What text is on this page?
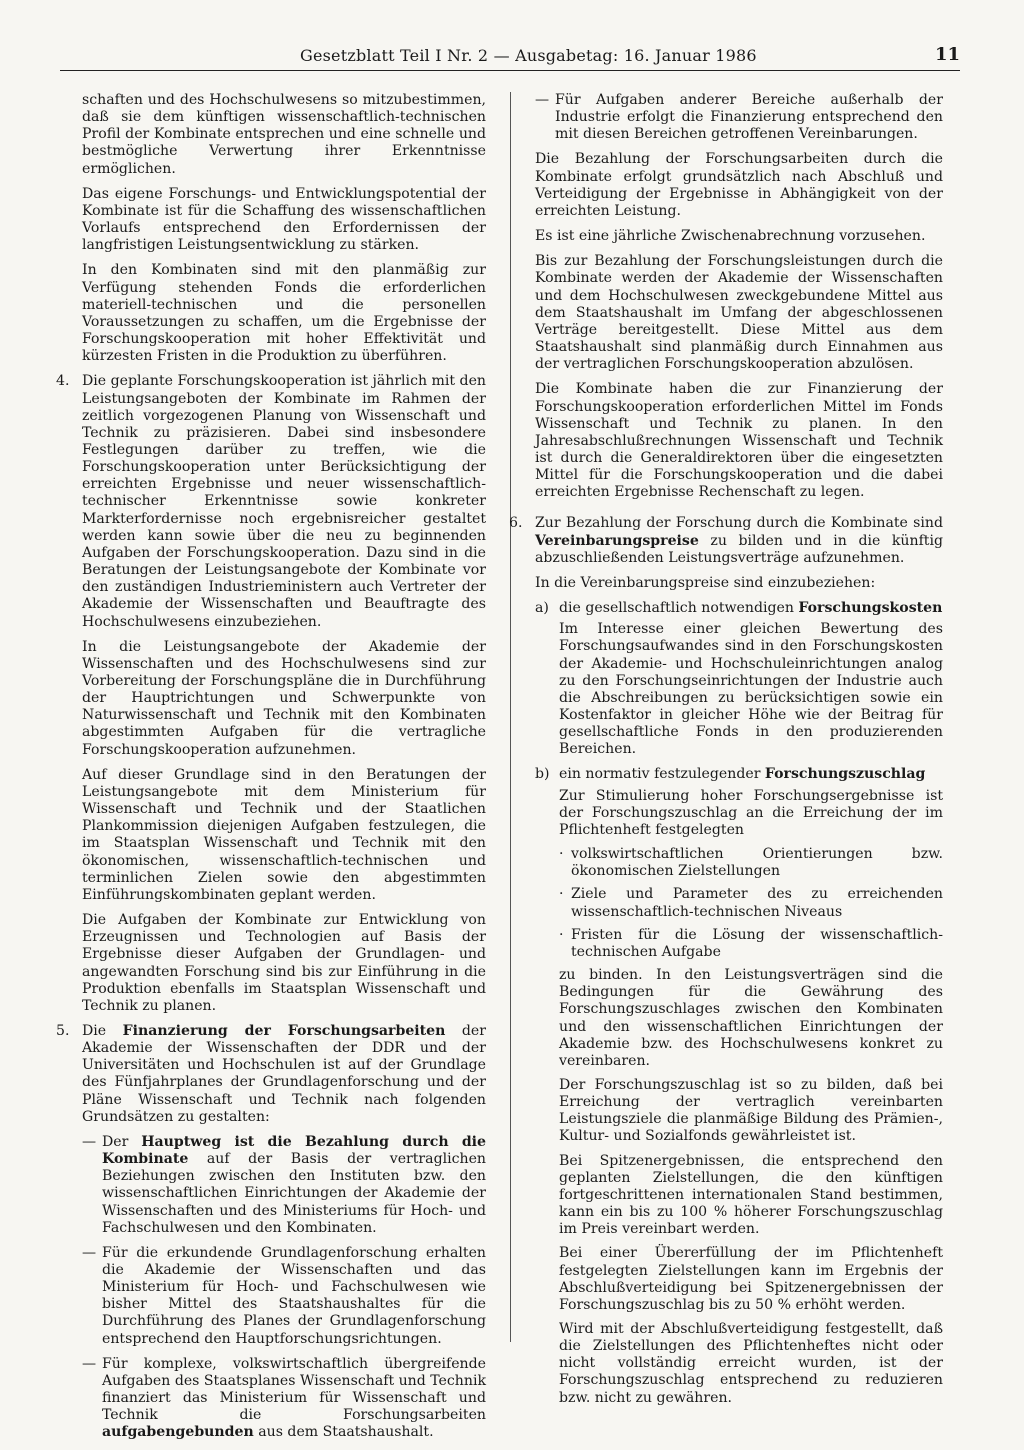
Gesetzblatt Teil I Nr. 2 — Ausgabetag: 16. Januar 1986	11

schaften und des Hochschulwesens so mitzubestimmen, daß sie dem künftigen wissenschaftlich-technischen Profil der Kombinate entsprechen und eine schnelle und bestmögliche Verwertung ihrer Erkenntnisse ermöglichen.

Das eigene Forschungs- und Entwicklungspotential der Kombinate ist für die Schaffung des wissenschaftlichen Vorlaufs entsprechend den Erfordernissen der langfristigen Leistungsentwicklung zu stärken.

In den Kombinaten sind mit den planmäßig zur Verfügung stehenden Fonds die erforderlichen materiell-technischen und die personellen Voraussetzungen zu schaffen, um die Ergebnisse der Forschungskooperation mit hoher Effektivität und kürzesten Fristen in die Produktion zu überführen.

4. Die geplante Forschungskooperation ist jährlich mit den Leistungsangeboten der Kombinate im Rahmen der zeitlich vorgezogenen Planung von Wissenschaft und Technik zu präzisieren. Dabei sind insbesondere Festlegungen darüber zu treffen, wie die Forschungskooperation unter Berücksichtigung der erreichten Ergebnisse und neuer wissenschaftlich-technischer Erkenntnisse sowie konkreter Markterfordernisse noch ergebnisreicher gestaltet werden kann sowie über die neu zu beginnenden Aufgaben der Forschungskooperation. Dazu sind in die Beratungen der Leistungsangebote der Kombinate vor den zuständigen Industrieministern auch Vertreter der Akademie der Wissenschaften und Beauftragte des Hochschulwesens einzubeziehen.

In die Leistungsangebote der Akademie der Wissenschaften und des Hochschulwesens sind zur Vorbereitung der Forschungspläne die in Durchführung der Hauptrichtungen und Schwerpunkte von Naturwissenschaft und Technik mit den Kombinaten abgestimmten Aufgaben für die vertragliche Forschungskooperation aufzunehmen.

Auf dieser Grundlage sind in den Beratungen der Leistungsangebote mit dem Ministerium für Wissenschaft und Technik und der Staatlichen Plankommission diejenigen Aufgaben festzulegen, die im Staatsplan Wissenschaft und Technik mit den ökonomischen, wissenschaftlich-technischen und terminlichen Zielen sowie den abgestimmten Einführungskombinaten geplant werden.

Die Aufgaben der Kombinate zur Entwicklung von Erzeugnissen und Technologien auf Basis der Ergebnisse dieser Aufgaben der Grundlagen- und angewandten Forschung sind bis zur Einführung in die Produktion ebenfalls im Staatsplan Wissenschaft und Technik zu planen.

5. Die Finanzierung der Forschungsarbeiten der Akademie der Wissenschaften der DDR und der Universitäten und Hochschulen ist auf der Grundlage des Fünfjahrplanes der Grundlagenforschung und der Pläne Wissenschaft und Technik nach folgenden Grundsätzen zu gestalten:

— Der Hauptweg ist die Bezahlung durch die Kombinate auf der Basis der vertraglichen Beziehungen zwischen den Instituten bzw. den wissenschaftlichen Einrichtungen der Akademie der Wissenschaften und des Ministeriums für Hoch- und Fachschulwesen und den Kombinaten.
— Für die erkundende Grundlagenforschung erhalten die Akademie der Wissenschaften und das Ministerium für Hoch- und Fachschulwesen wie bisher Mittel des Staatshaushaltes für die Durchführung des Planes der Grundlagenforschung entsprechend den Hauptforschungsrichtungen.
— Für komplexe, volkswirtschaftlich übergreifende Aufgaben des Staatsplanes Wissenschaft und Technik finanziert das Ministerium für Wissenschaft und Technik die Forschungsarbeiten aufgabengebunden aus dem Staatshaushalt.
— Für Aufgaben anderer Bereiche außerhalb der Industrie erfolgt die Finanzierung entsprechend den mit diesen Bereichen getroffenen Vereinbarungen.

Die Bezahlung der Forschungsarbeiten durch die Kombinate erfolgt grundsätzlich nach Abschluß und Verteidigung der Ergebnisse in Abhängigkeit von der erreichten Leistung.

Es ist eine jährliche Zwischenabrechnung vorzusehen.

Bis zur Bezahlung der Forschungsleistungen durch die Kombinate werden der Akademie der Wissenschaften und dem Hochschulwesen zweckgebundene Mittel aus dem Staatshaushalt im Umfang der abgeschlossenen Verträge bereitgestellt. Diese Mittel aus dem Staatshaushalt sind planmäßig durch Einnahmen aus der vertraglichen Forschungskooperation abzulösen.

Die Kombinate haben die zur Finanzierung der Forschungskooperation erforderlichen Mittel im Fonds Wissenschaft und Technik zu planen. In den Jahresabschlußrechnungen Wissenschaft und Technik ist durch die Generaldirektoren über die eingesetzten Mittel für die Forschungskooperation und die dabei erreichten Ergebnisse Rechenschaft zu legen.

6. Zur Bezahlung der Forschung durch die Kombinate sind Vereinbarungspreise zu bilden und in die künftig abzuschließenden Leistungsverträge aufzunehmen.

In die Vereinbarungspreise sind einzubeziehen:

a) die gesellschaftlich notwendigen Forschungskosten

Im Interesse einer gleichen Bewertung des Forschungsaufwandes sind in den Forschungskosten der Akademie- und Hochschuleinrichtungen analog zu den Forschungseinrichtungen der Industrie auch die Abschreibungen zu berücksichtigen sowie ein Kostenfaktor in gleicher Höhe wie der Beitrag für gesellschaftliche Fonds in den produzierenden Bereichen.

b) ein normativ festzulegender Forschungszuschlag

Zur Stimulierung hoher Forschungsergebnisse ist der Forschungszuschlag an die Erreichung der im Pflichtenheft festgelegten

· volkswirtschaftlichen Orientierungen bzw. ökonomischen Zielstellungen
· Ziele und Parameter des zu erreichenden wissenschaftlich-technischen Niveaus
· Fristen für die Lösung der wissenschaftlich-technischen Aufgabe

zu binden. In den Leistungsverträgen sind die Bedingungen für die Gewährung des Forschungszuschlages zwischen den Kombinaten und den wissenschaftlichen Einrichtungen der Akademie bzw. des Hochschulwesens konkret zu vereinbaren.

Der Forschungszuschlag ist so zu bilden, daß bei Erreichung der vertraglich vereinbarten Leistungsziele die planmäßige Bildung des Prämien-, Kultur- und Sozialfonds gewährleistet ist.

Bei Spitzenergebnissen, die entsprechend den geplanten Zielstellungen, die den künftigen fortgeschrittenen internationalen Stand bestimmen, kann ein bis zu 100 % höherer Forschungszuschlag im Preis vereinbart werden.

Bei einer Übererfüllung der im Pflichtenheft festgelegten Zielstellungen kann im Ergebnis der Abschlußverteidigung bei Spitzenergebnissen der Forschungszuschlag bis zu 50 % erhöht werden.

Wird mit der Abschlußverteidigung festgestellt, daß die Zielstellungen des Pflichtenheftes nicht oder nicht vollständig erreicht wurden, ist der Forschungszuschlag entsprechend zu reduzieren bzw. nicht zu gewähren.
